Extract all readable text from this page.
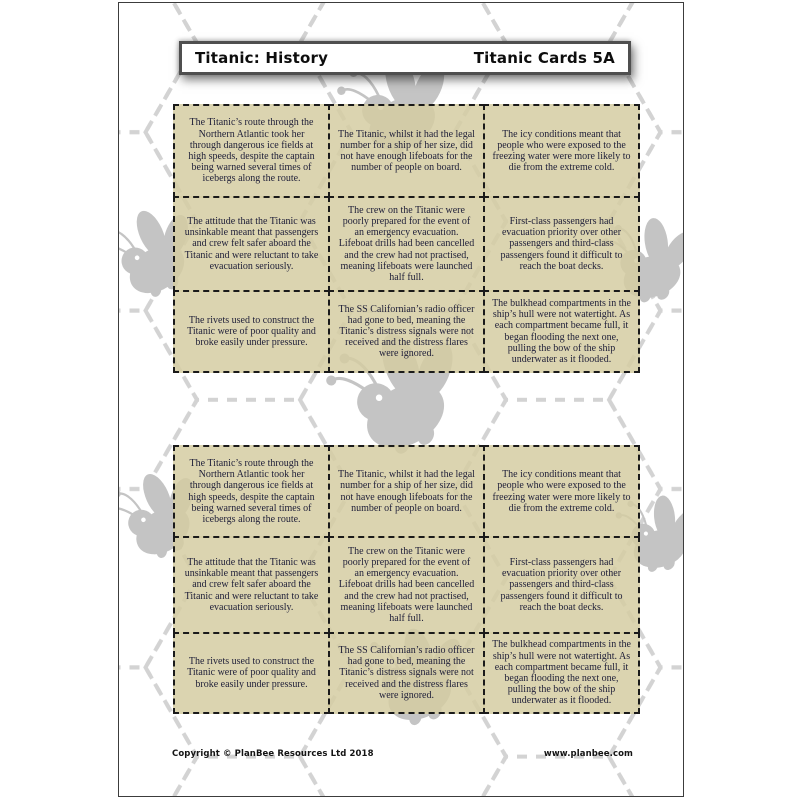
Titanic: History	Titanic Cards 5A
The Titanic’s route through the Northern Atlantic took her through dangerous ice fields at high speeds, despite the captain being warned several times of icebergs along the route.
The Titanic, whilst it had the legal number for a ship of her size, did not have enough lifeboats for the number of people on board.
The icy conditions meant that people who were exposed to the freezing water were more likely to die from the extreme cold.
The attitude that the Titanic was unsinkable meant that passengers and crew felt safer aboard the Titanic and were reluctant to take evacuation seriously.
The crew on the Titanic were poorly prepared for the event of an emergency evacuation. Lifeboat drills had been cancelled and the crew had not practised, meaning lifeboats were launched half full.
First-class passengers had evacuation priority over other passengers and third-class passengers found it difficult to reach the boat decks.
The rivets used to construct the Titanic were of poor quality and broke easily under pressure.
The SS Californian’s radio officer had gone to bed, meaning the Titanic’s distress signals were not received and the distress flares were ignored.
The bulkhead compartments in the ship’s hull were not watertight. As each compartment became full, it began flooding the next one, pulling the bow of the ship underwater as it flooded.
The Titanic’s route through the Northern Atlantic took her through dangerous ice fields at high speeds, despite the captain being warned several times of icebergs along the route.
The Titanic, whilst it had the legal number for a ship of her size, did not have enough lifeboats for the number of people on board.
The icy conditions meant that people who were exposed to the freezing water were more likely to die from the extreme cold.
The attitude that the Titanic was unsinkable meant that passengers and crew felt safer aboard the Titanic and were reluctant to take evacuation seriously.
The crew on the Titanic were poorly prepared for the event of an emergency evacuation. Lifeboat drills had been cancelled and the crew had not practised, meaning lifeboats were launched half full.
First-class passengers had evacuation priority over other passengers and third-class passengers found it difficult to reach the boat decks.
The rivets used to construct the Titanic were of poor quality and broke easily under pressure.
The SS Californian’s radio officer had gone to bed, meaning the Titanic’s distress signals were not received and the distress flares were ignored.
The bulkhead compartments in the ship’s hull were not watertight. As each compartment became full, it began flooding the next one, pulling the bow of the ship underwater as it flooded.
Copyright © PlanBee Resources Ltd 2018	www.planbee.com
